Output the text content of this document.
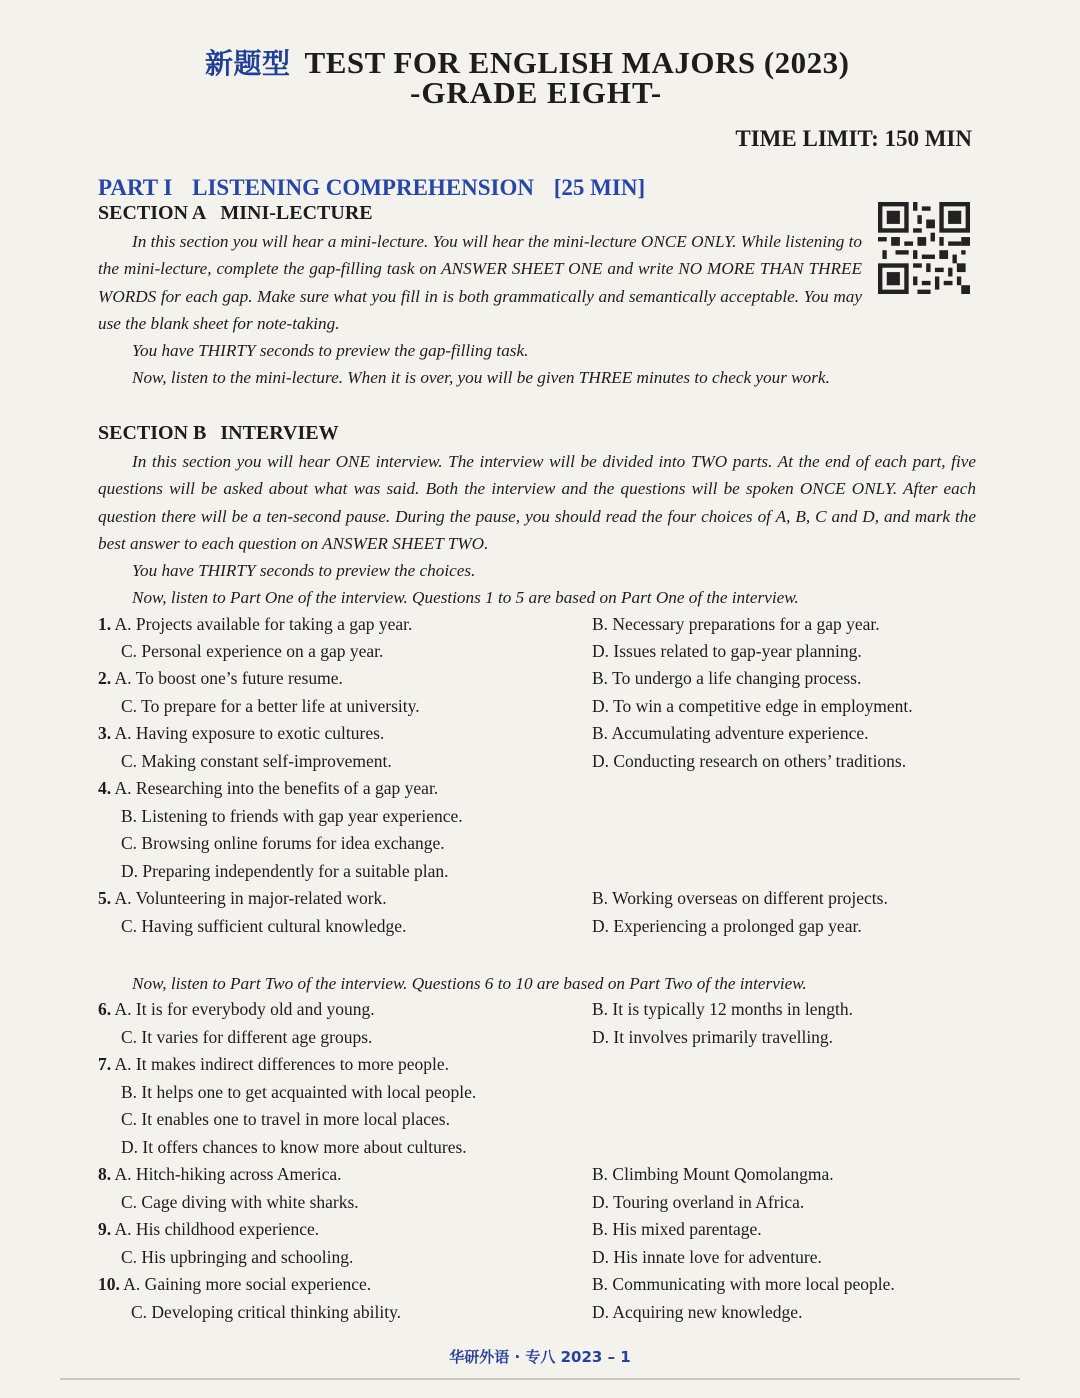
新题型 TEST FOR ENGLISH MAJORS (2023)
-GRADE EIGHT-
TIME LIMIT: 150 MIN
PART I LISTENING COMPREHENSION [25 MIN]
SECTION A MINI-LECTURE

In this section you will hear a mini-lecture. You will hear the mini-lecture ONCE ONLY. While listening to the mini-lecture, complete the gap-filling task on ANSWER SHEET ONE and write NO MORE THAN THREE WORDS for each gap. Make sure what you fill in is both grammatically and semantically acceptable. You may use the blank sheet for note-taking.

You have THIRTY seconds to preview the gap-filling task.

Now, listen to the mini-lecture. When it is over, you will be given THREE minutes to check your work.

SECTION B INTERVIEW

In this section you will hear ONE interview. The interview will be divided into TWO parts. At the end of each part, five questions will be asked about what was said. Both the interview and the questions will be spoken ONCE ONLY. After each question there will be a ten-second pause. During the pause, you should read the four choices of A, B, C and D, and mark the best answer to each question on ANSWER SHEET TWO.

You have THIRTY seconds to preview the choices.

Now, listen to Part One of the interview. Questions 1 to 5 are based on Part One of the interview.

1. A. Projects available for taking a gap year.	B. Necessary preparations for a gap year.
C. Personal experience on a gap year.	D. Issues related to gap-year planning.
2. A. To boost one’s future resume.	B. To undergo a life changing process.
C. To prepare for a better life at university.	D. To win a competitive edge in employment.
3. A. Having exposure to exotic cultures.	B. Accumulating adventure experience.
C. Making constant self-improvement.	D. Conducting research on others’ traditions.
4. A. Researching into the benefits of a gap year.
B. Listening to friends with gap year experience.
C. Browsing online forums for idea exchange.
D. Preparing independently for a suitable plan.
5. A. Volunteering in major-related work.	B. Working overseas on different projects.
C. Having sufficient cultural knowledge.	D. Experiencing a prolonged gap year.

Now, listen to Part Two of the interview. Questions 6 to 10 are based on Part Two of the interview.

6. A. It is for everybody old and young.	B. It is typically 12 months in length.
C. It varies for different age groups.	D. It involves primarily travelling.
7. A. It makes indirect differences to more people.
B. It helps one to get acquainted with local people.
C. It enables one to travel in more local places.
D. It offers chances to know more about cultures.
8. A. Hitch-hiking across America.	B. Climbing Mount Qomolangma.
C. Cage diving with white sharks.	D. Touring overland in Africa.
9. A. His childhood experience.	B. His mixed parentage.
C. His upbringing and schooling.	D. His innate love for adventure.
10. A. Gaining more social experience.	B. Communicating with more local people.
C. Developing critical thinking ability.	D. Acquiring new knowledge.
华研外语 · 专八 2023 – 1
